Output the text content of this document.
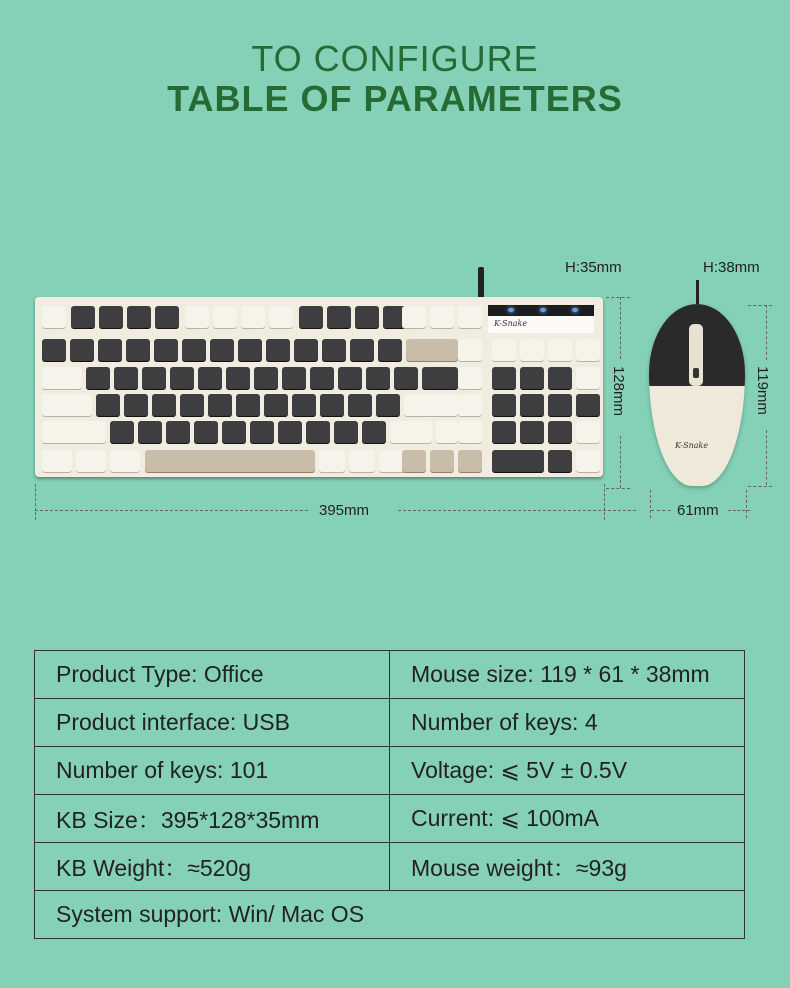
TO CONFIGURE
TABLE OF PARAMETERS
H:35mm	H:38mm
128mm	119mm
395mm	61mm
K-Snake
K-Snake
Product Type: Office	Mouse size: 119 * 61 * 38mm
Product interface: USB	Number of keys: 4
Number of keys: 101	Voltage: ⩽ 5V ± 0.5V
KB Size：395*128*35mm	Current: ⩽ 100mA
KB Weight：≈520g	Mouse weight：≈93g
System support: Win/ Mac OS	
